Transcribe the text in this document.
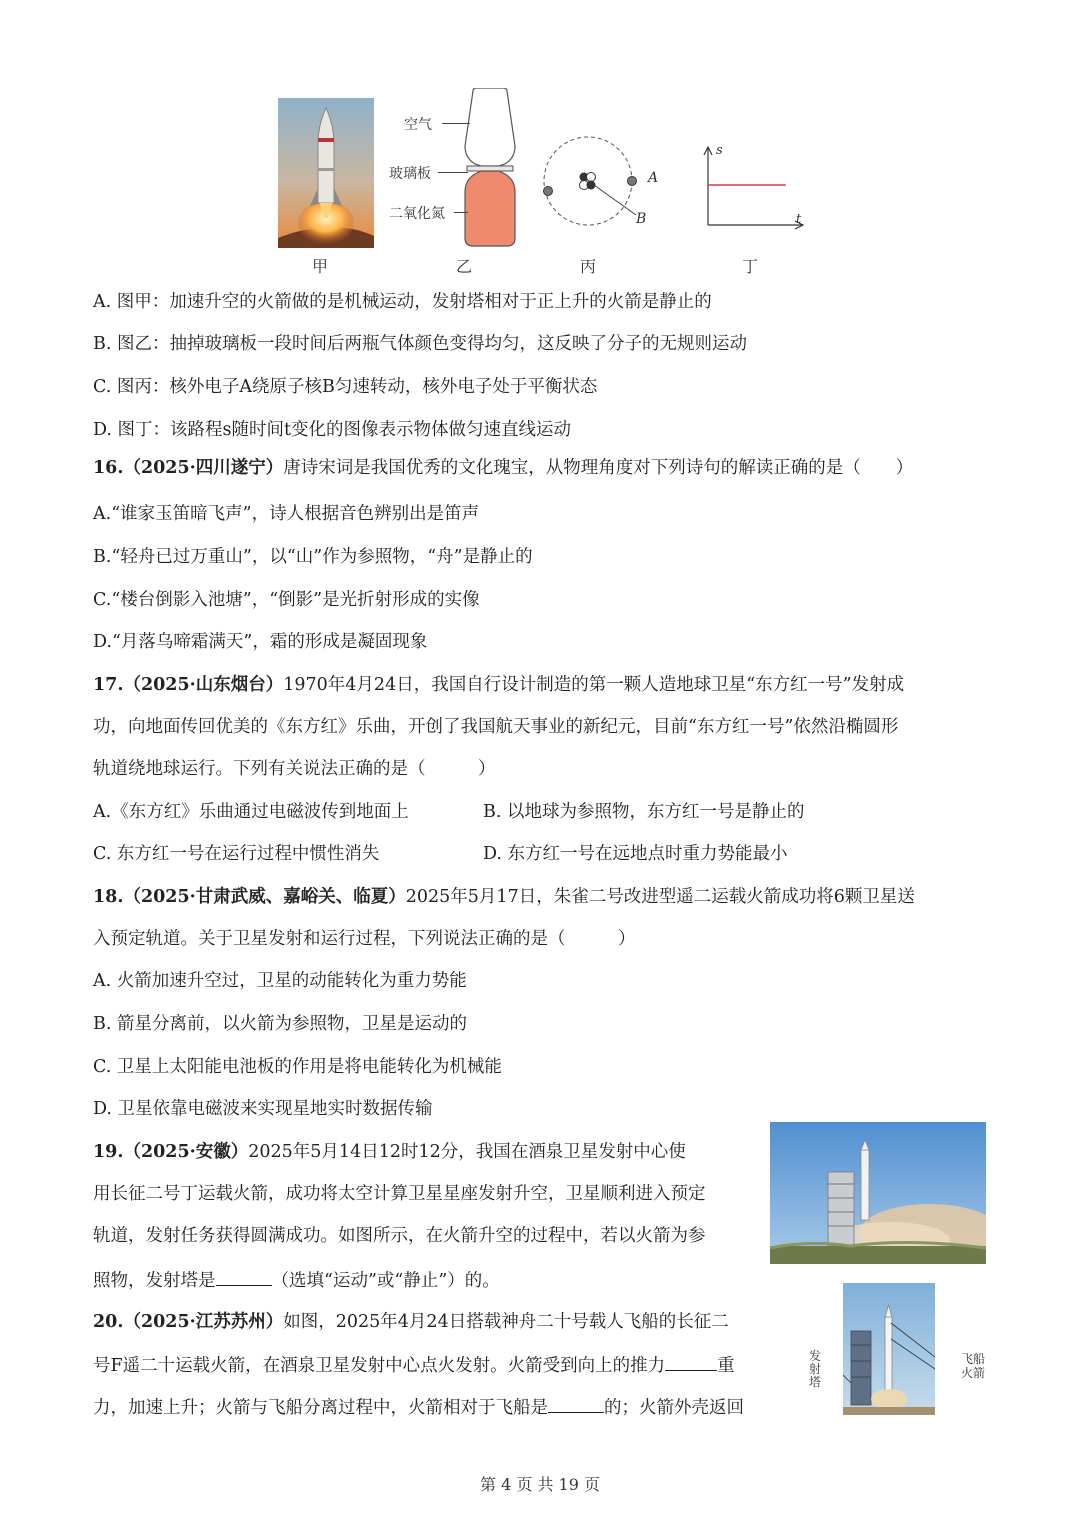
甲
空气
玻璃板
二氧化氮
乙
A
B
丙
s
t
丁
A. 图甲：加速升空的火箭做的是机械运动，发射塔相对于正上升的火箭是静止的
B. 图乙：抽掉玻璃板一段时间后两瓶气体颜色变得均匀，这反映了分子的无规则运动
C. 图丙：核外电子A绕原子核B匀速转动，核外电子处于平衡状态
D. 图丁：该路程s随时间t变化的图像表示物体做匀速直线运动
16.（2025·四川遂宁）唐诗宋词是我国优秀的文化瑰宝，从物理角度对下列诗句的解读正确的是（　　）
A.“谁家玉笛暗飞声”，诗人根据音色辨别出是笛声
B.“轻舟已过万重山”，以“山”作为参照物，“舟”是静止的
C.“楼台倒影入池塘”，“倒影”是光折射形成的实像
D.“月落乌啼霜满天”，霜的形成是凝固现象
17.（2025·山东烟台）1970年4月24日，我国自行设计制造的第一颗人造地球卫星“东方红一号”发射成
功，向地面传回优美的《东方红》乐曲，开创了我国航天事业的新纪元，目前“东方红一号”依然沿椭圆形
轨道绕地球运行。下列有关说法正确的是（　　　）
A.《东方红》乐曲通过电磁波传到地面上	B. 以地球为参照物，东方红一号是静止的
C. 东方红一号在运行过程中惯性消失	D. 东方红一号在远地点时重力势能最小
18.（2025·甘肃武威、嘉峪关、临夏）2025年5月17日，朱雀二号改进型遥二运载火箭成功将6颗卫星送
入预定轨道。关于卫星发射和运行过程，下列说法正确的是（　　　）
A. 火箭加速升空过，卫星的动能转化为重力势能
B. 箭星分离前，以火箭为参照物，卫星是运动的
C. 卫星上太阳能电池板的作用是将电能转化为机械能
D. 卫星依靠电磁波来实现星地实时数据传输
19.（2025·安徽）2025年5月14日12时12分，我国在酒泉卫星发射中心使
用长征二号丁运载火箭，成功将太空计算卫星星座发射升空，卫星顺利进入预定
轨道，发射任务获得圆满成功。如图所示，在火箭升空的过程中，若以火箭为参
照物，发射塔是	（选填“运动”或“静止”）的。
20.（2025·江苏苏州）如图，2025年4月24日搭载神舟二十号载人飞船的长征二
号F遥二十运载火箭，在酒泉卫星发射中心点火发射。火箭受到向上的推力	重
力，加速上升；火箭与飞船分离过程中，火箭相对于飞船是	的；火箭外壳返回
飞船
火箭
发射塔
第 4 页 共 19 页
